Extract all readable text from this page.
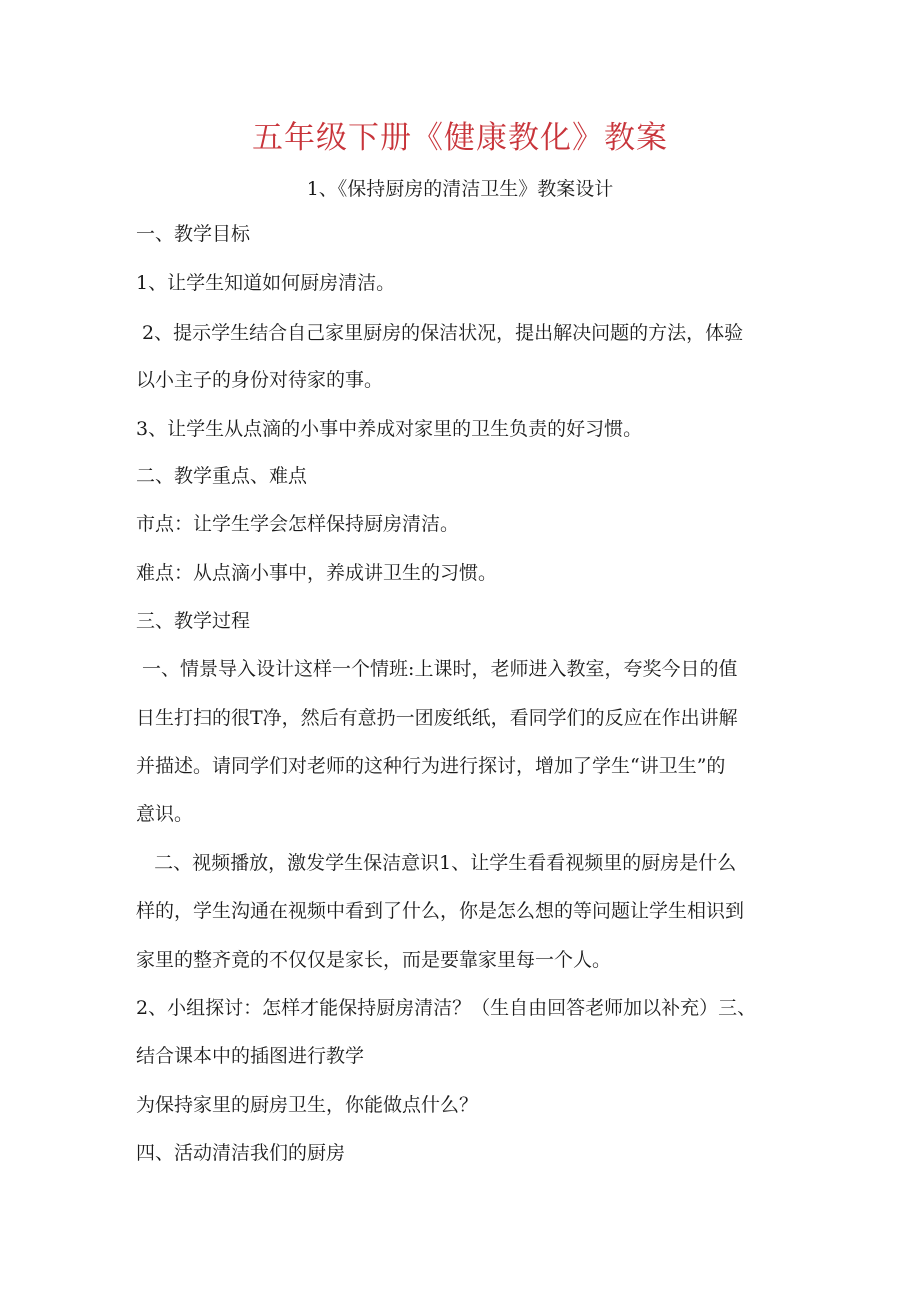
五年级下册《健康教化》教案
1、《保持厨房的清洁卫生》教案设计
一、教学目标
1、让学生知道如何厨房清洁。
2、提示学生结合自己家里厨房的保洁状况，提出解决问题的方法，体验
以小主子的身份对待家的事。
3、让学生从点滴的小事中养成对家里的卫生负责的好习惯。
二、教学重点、难点
市点：让学生学会怎样保持厨房清洁。
难点：从点滴小事中，养成讲卫生的习惯。
三、教学过程
一、情景导入设计这样一个情班:上课时，老师进入教室，夸奖今日的值
日生打扫的很T净，然后有意扔一团废纸纸，看同学们的反应在作出讲解
并描述。请同学们对老师的这种行为进行探讨，增加了学生“讲卫生”的
意识。
二、视频播放，激发学生保洁意识1、让学生看看视频里的厨房是什么
样的，学生沟通在视频中看到了什么，你是怎么想的等问题让学生相识到
家里的整齐竟的不仅仅是家长，而是要靠家里每一个人。
2、小组探讨：怎样才能保持厨房清洁？（生自由回答老师加以补充）三、
结合课本中的插图进行教学
为保持家里的厨房卫生，你能做点什么？
四、活动清洁我们的厨房
